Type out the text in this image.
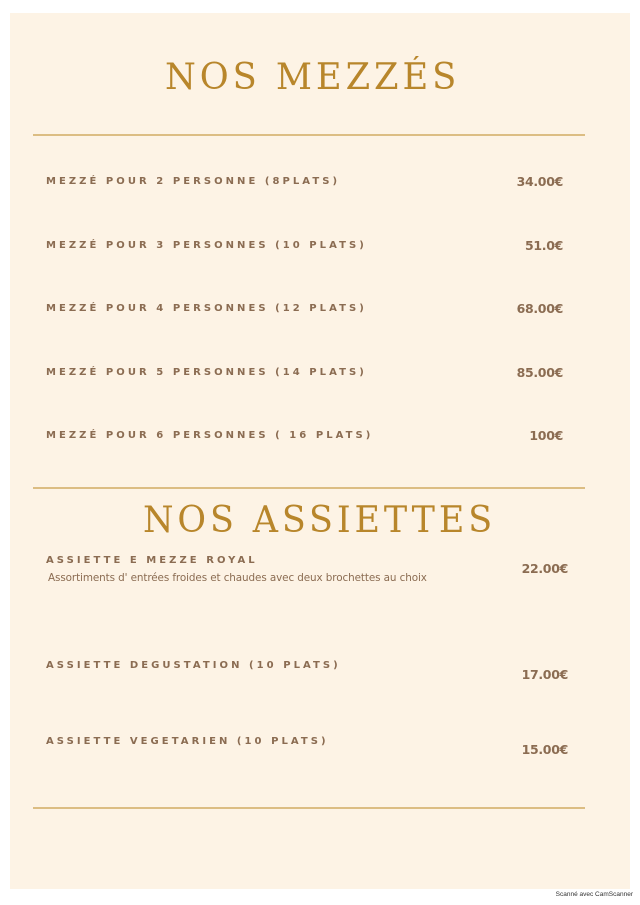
NOS MEZZÉS
MEZZÉ POUR 2 PERSONNE (8PLATS)	34.00€
MEZZÉ POUR 3 PERSONNES (10 PLATS)	51.0€
MEZZÉ POUR 4 PERSONNES (12 PLATS)	68.00€
MEZZÉ POUR 5 PERSONNES (14 PLATS)	85.00€
MEZZÉ POUR 6 PERSONNES ( 16 PLATS)	100€
NOS ASSIETTES
ASSIETTE E MEZZE ROYAL
Assortiments d' entrées froides et chaudes avec deux brochettes au choix
22.00€
ASSIETTE DEGUSTATION (10 PLATS)
17.00€
ASSIETTE VEGETARIEN (10 PLATS)
15.00€
Scanné avec CamScanner
